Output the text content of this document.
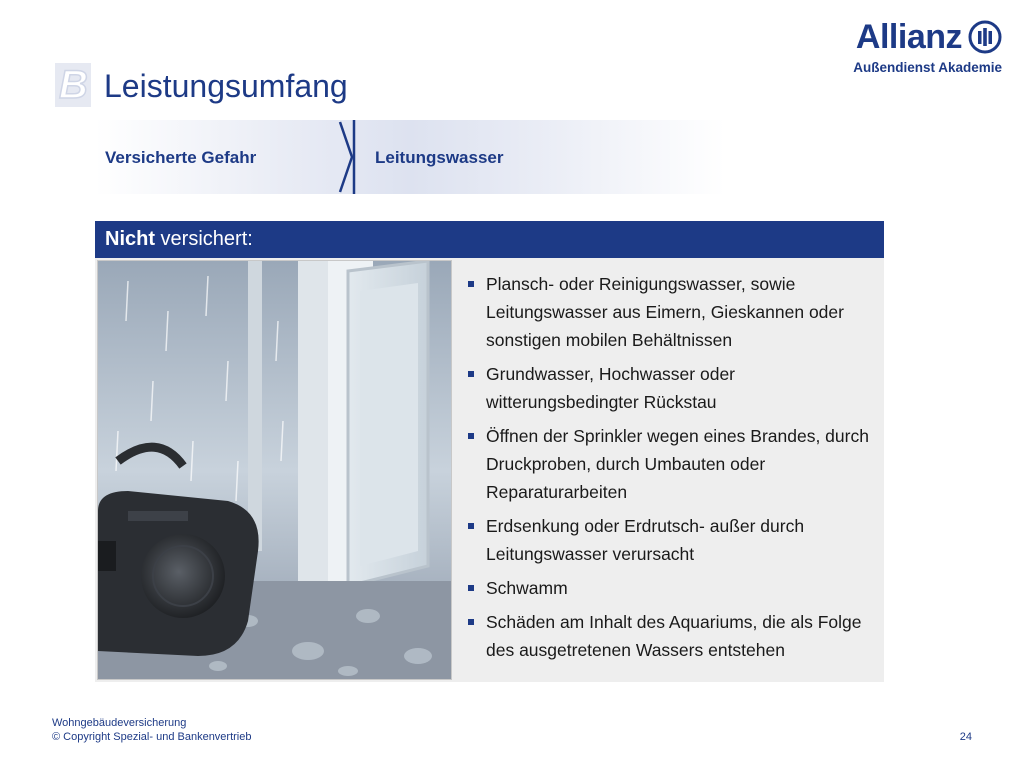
Allianz
Außendienst Akademie
B Leistungsumfang
Versicherte Gefahr	Leitungswasser
Nicht versichert:
Plansch- oder Reinigungswasser, sowie Leitungswasser aus Eimern, Gieskannen oder sonstigen mobilen Behältnissen
Grundwasser, Hochwasser oder witterungsbedingter Rückstau
Öffnen der Sprinkler wegen eines Brandes, durch Druckproben, durch Umbauten oder Reparaturarbeiten
Erdsenkung oder Erdrutsch- außer durch Leitungswasser verursacht
Schwamm
Schäden am Inhalt des Aquariums, die als Folge des ausgetretenen Wassers entstehen
Wohngebäudeversicherung
© Copyright Spezial- und Bankenvertrieb	24
